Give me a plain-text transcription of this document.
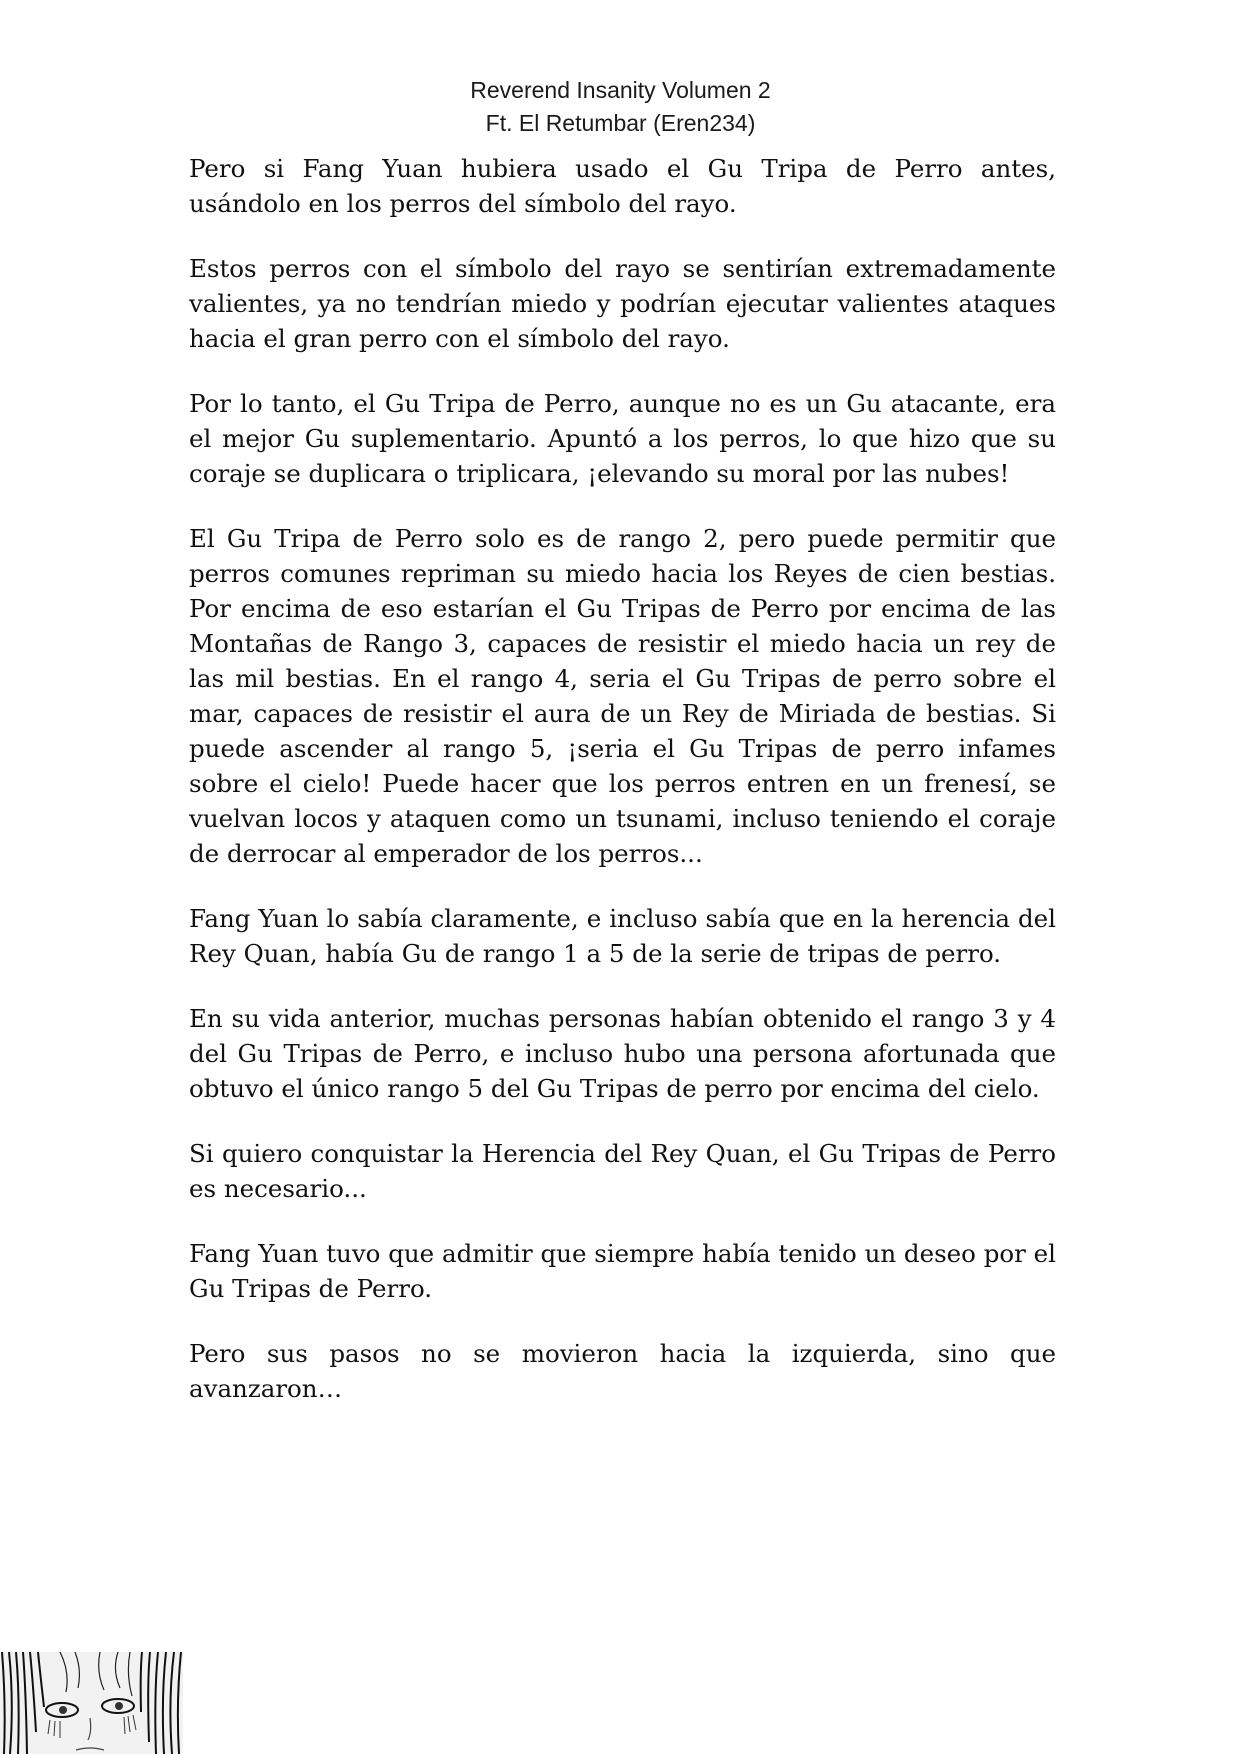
Reverend Insanity Volumen 2
Ft. El Retumbar (Eren234)

Pero si Fang Yuan hubiera usado el Gu Tripa de Perro antes, usándolo en los perros del símbolo del rayo.

Estos perros con el símbolo del rayo se sentirían extremadamente valientes, ya no tendrían miedo y podrían ejecutar valientes ataques hacia el gran perro con el símbolo del rayo.

Por lo tanto, el Gu Tripa de Perro, aunque no es un Gu atacante, era el mejor Gu suplementario. Apuntó a los perros, lo que hizo que su coraje se duplicara o triplicara, ¡elevando su moral por las nubes!

El Gu Tripa de Perro solo es de rango 2, pero puede permitir que perros comunes repriman su miedo hacia los Reyes de cien bestias. Por encima de eso estarían el Gu Tripas de Perro por encima de las Montañas de Rango 3, capaces de resistir el miedo hacia un rey de las mil bestias. En el rango 4, seria el Gu Tripas de perro sobre el mar, capaces de resistir el aura de un Rey de Miriada de bestias. Si puede ascender al rango 5, ¡seria el Gu Tripas de perro infames sobre el cielo! Puede hacer que los perros entren en un frenesí, se vuelvan locos y ataquen como un tsunami, incluso teniendo el coraje de derrocar al emperador de los perros...

Fang Yuan lo sabía claramente, e incluso sabía que en la herencia del Rey Quan, había Gu de rango 1 a 5 de la serie de tripas de perro.

En su vida anterior, muchas personas habían obtenido el rango 3 y 4 del Gu Tripas de Perro, e incluso hubo una persona afortunada que obtuvo el único rango 5 del Gu Tripas de perro por encima del cielo.

Si quiero conquistar la Herencia del Rey Quan, el Gu Tripas de Perro es necesario...

Fang Yuan tuvo que admitir que siempre había tenido un deseo por el Gu Tripas de Perro.

Pero sus pasos no se movieron hacia la izquierda, sino que avanzaron…
